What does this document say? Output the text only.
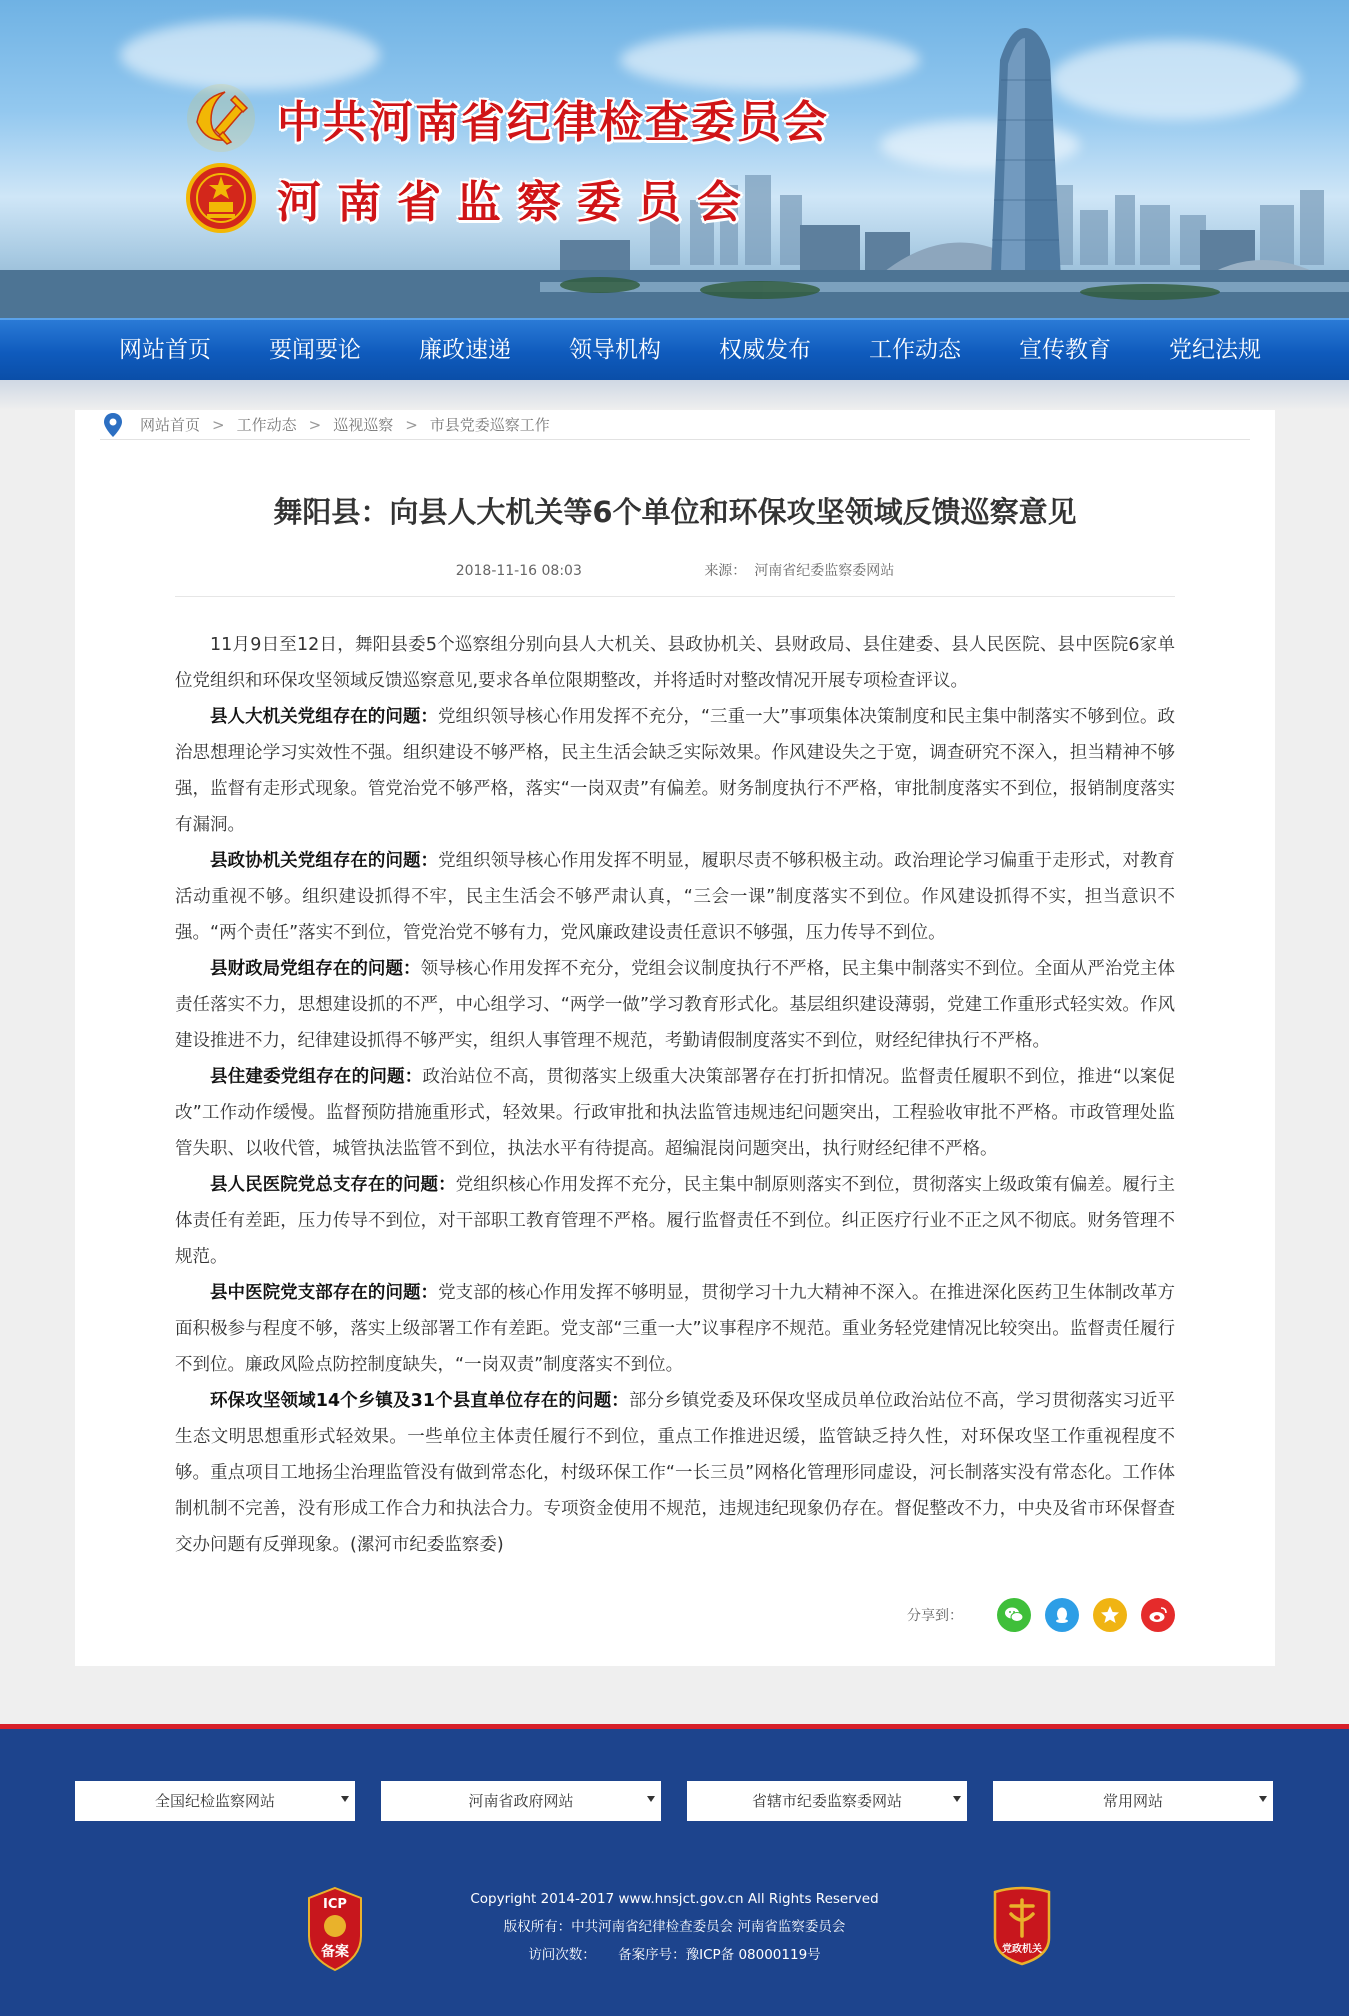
中共河南省纪律检查委员会
河南省监察委员会
网站首页	要闻要论	廉政速递	领导机构	权威发布	工作动态	宣传教育	党纪法规
网站首页 > 工作动态 > 巡视巡察 > 市县党委巡察工作
舞阳县：向县人大机关等6个单位和环保攻坚领域反馈巡察意见
2018-11-16 08:03	来源： 河南省纪委监察委网站

11月9日至12日，舞阳县委5个巡察组分别向县人大机关、县政协机关、县财政局、县住建委、县人民医院、县中医院6家单位党组织和环保攻坚领域反馈巡察意见,要求各单位限期整改，并将适时对整改情况开展专项检查评议。

县人大机关党组存在的问题：党组织领导核心作用发挥不充分，“三重一大”事项集体决策制度和民主集中制落实不够到位。政治思想理论学习实效性不强。组织建设不够严格，民主生活会缺乏实际效果。作风建设失之于宽，调查研究不深入，担当精神不够强，监督有走形式现象。管党治党不够严格，落实“一岗双责”有偏差。财务制度执行不严格，审批制度落实不到位，报销制度落实有漏洞。

县政协机关党组存在的问题：党组织领导核心作用发挥不明显，履职尽责不够积极主动。政治理论学习偏重于走形式，对教育活动重视不够。组织建设抓得不牢，民主生活会不够严肃认真，“三会一课”制度落实不到位。作风建设抓得不实，担当意识不强。“两个责任”落实不到位，管党治党不够有力，党风廉政建设责任意识不够强，压力传导不到位。

县财政局党组存在的问题：领导核心作用发挥不充分，党组会议制度执行不严格，民主集中制落实不到位。全面从严治党主体责任落实不力，思想建设抓的不严，中心组学习、“两学一做”学习教育形式化。基层组织建设薄弱，党建工作重形式轻实效。作风建设推进不力，纪律建设抓得不够严实，组织人事管理不规范，考勤请假制度落实不到位，财经纪律执行不严格。

县住建委党组存在的问题：政治站位不高，贯彻落实上级重大决策部署存在打折扣情况。监督责任履职不到位，推进“以案促改”工作动作缓慢。监督预防措施重形式，轻效果。行政审批和执法监管违规违纪问题突出，工程验收审批不严格。市政管理处监管失职、以收代管，城管执法监管不到位，执法水平有待提高。超编混岗问题突出，执行财经纪律不严格。

县人民医院党总支存在的问题：党组织核心作用发挥不充分，民主集中制原则落实不到位，贯彻落实上级政策有偏差。履行主体责任有差距，压力传导不到位，对干部职工教育管理不严格。履行监督责任不到位。纠正医疗行业不正之风不彻底。财务管理不规范。

县中医院党支部存在的问题：党支部的核心作用发挥不够明显，贯彻学习十九大精神不深入。在推进深化医药卫生体制改革方面积极参与程度不够，落实上级部署工作有差距。党支部“三重一大”议事程序不规范。重业务轻党建情况比较突出。监督责任履行不到位。廉政风险点防控制度缺失，“一岗双责”制度落实不到位。

环保攻坚领域14个乡镇及31个县直单位存在的问题：部分乡镇党委及环保攻坚成员单位政治站位不高，学习贯彻落实习近平生态文明思想重形式轻效果。一些单位主体责任履行不到位，重点工作推进迟缓，监管缺乏持久性，对环保攻坚工作重视程度不够。重点项目工地扬尘治理监管没有做到常态化，村级环保工作“一长三员”网格化管理形同虚设，河长制落实没有常态化。工作体制机制不完善，没有形成工作合力和执法合力。专项资金使用不规范，违规违纪现象仍存在。督促整改不力，中央及省市环保督查交办问题有反弹现象。(漯河市纪委监察委)

分享到：
全国纪检监察网站	河南省政府网站	省辖市纪委监察委网站	常用网站
ICP
备案
Copyright 2014-2017 www.hnsjct.gov.cn All Rights Reserved
版权所有：中共河南省纪律检查委员会 河南省监察委员会
访问次数： 备案序号：豫ICP备 08000119号	党政机关
